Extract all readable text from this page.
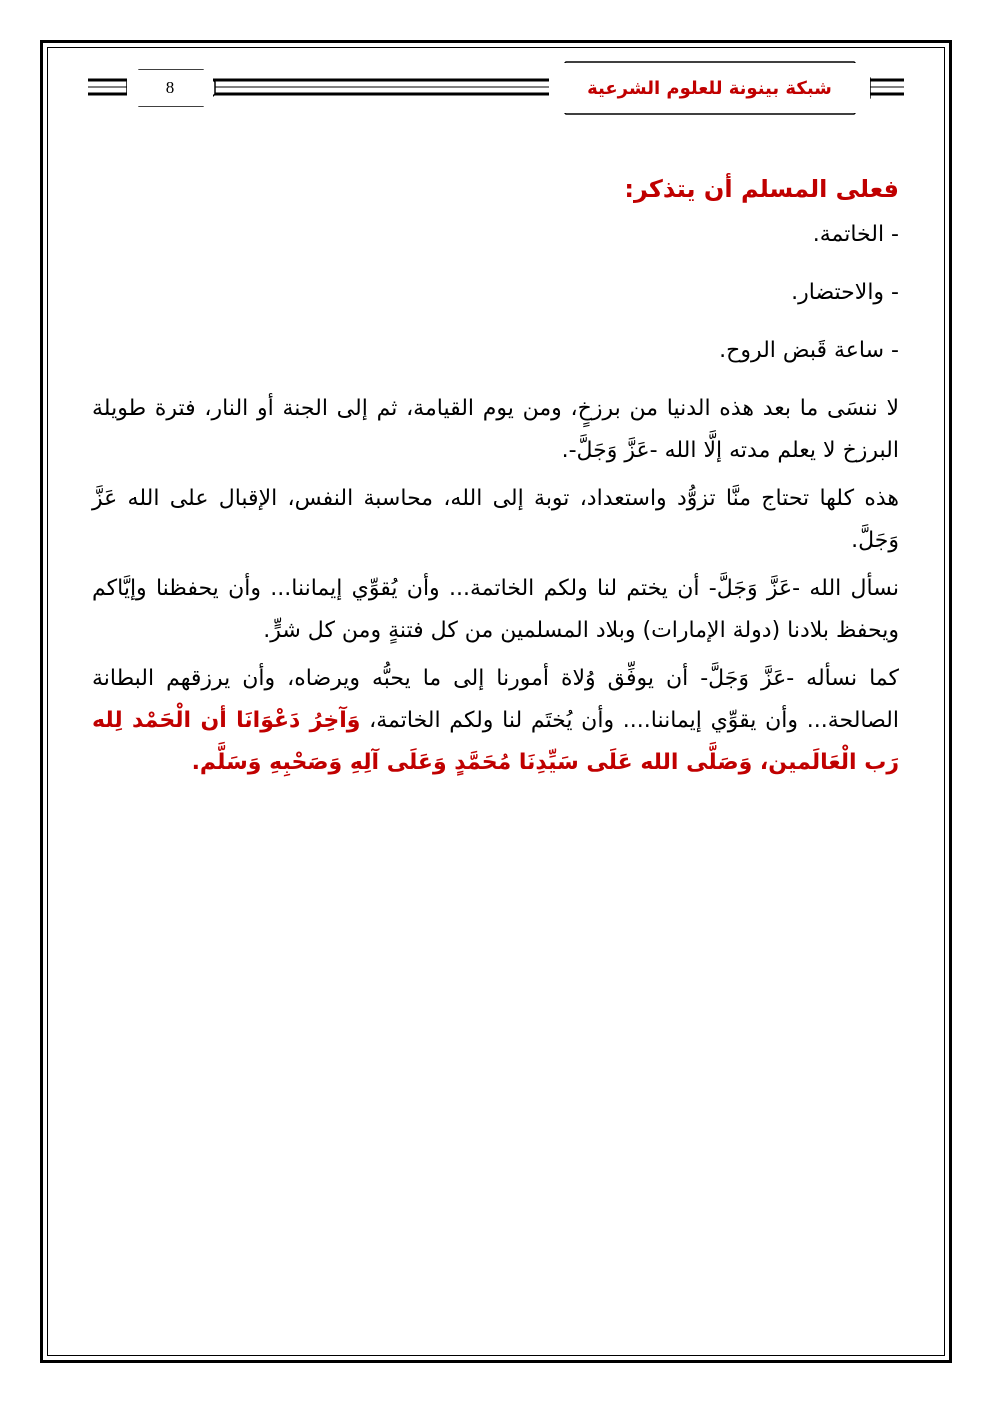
8	شبكة بينونة للعلوم الشرعية

فعلى المسلم أن يتذكر:

- الخاتمة.

- والاحتضار.

- ساعة قَبض الروح.

لا ننسَى ما بعد هذه الدنيا من برزخٍ، ومن يوم القيامة، ثم إلى الجنة أو النار، فترة طويلة البرزخ لا يعلم مدته إلَّا الله -عَزَّ وَجَلَّ-.

هذه كلها تحتاج منَّا تزوُّد واستعداد، توبة إلى الله، محاسبة النفس، الإقبال على الله عَزَّ وَجَلَّ.

نسأل الله -عَزَّ وَجَلَّ- أن يختم لنا ولكم الخاتمة... وأن يُقوِّي إيماننا... وأن يحفظنا وإيَّاكم ويحفظ بلادنا (دولة الإمارات) وبلاد المسلمين من كل فتنةٍ ومن كل شرٍّ.

كما نسأله -عَزَّ وَجَلَّ- أن يوفِّق وُلاة أمورنا إلى ما يحبُّه ويرضاه، وأن يرزقهم البطانة الصالحة... وأن يقوِّي إيماننا.... وأن يُختَم لنا ولكم الخاتمة، وَآخِرُ دَعْوَانَا أن الْحَمْد لِله رَب الْعَالَمين، وَصَلَّى الله عَلَى سَيِّدِنَا مُحَمَّدٍ وَعَلَى آلِهِ وَصَحْبِهِ وَسَلَّم.
